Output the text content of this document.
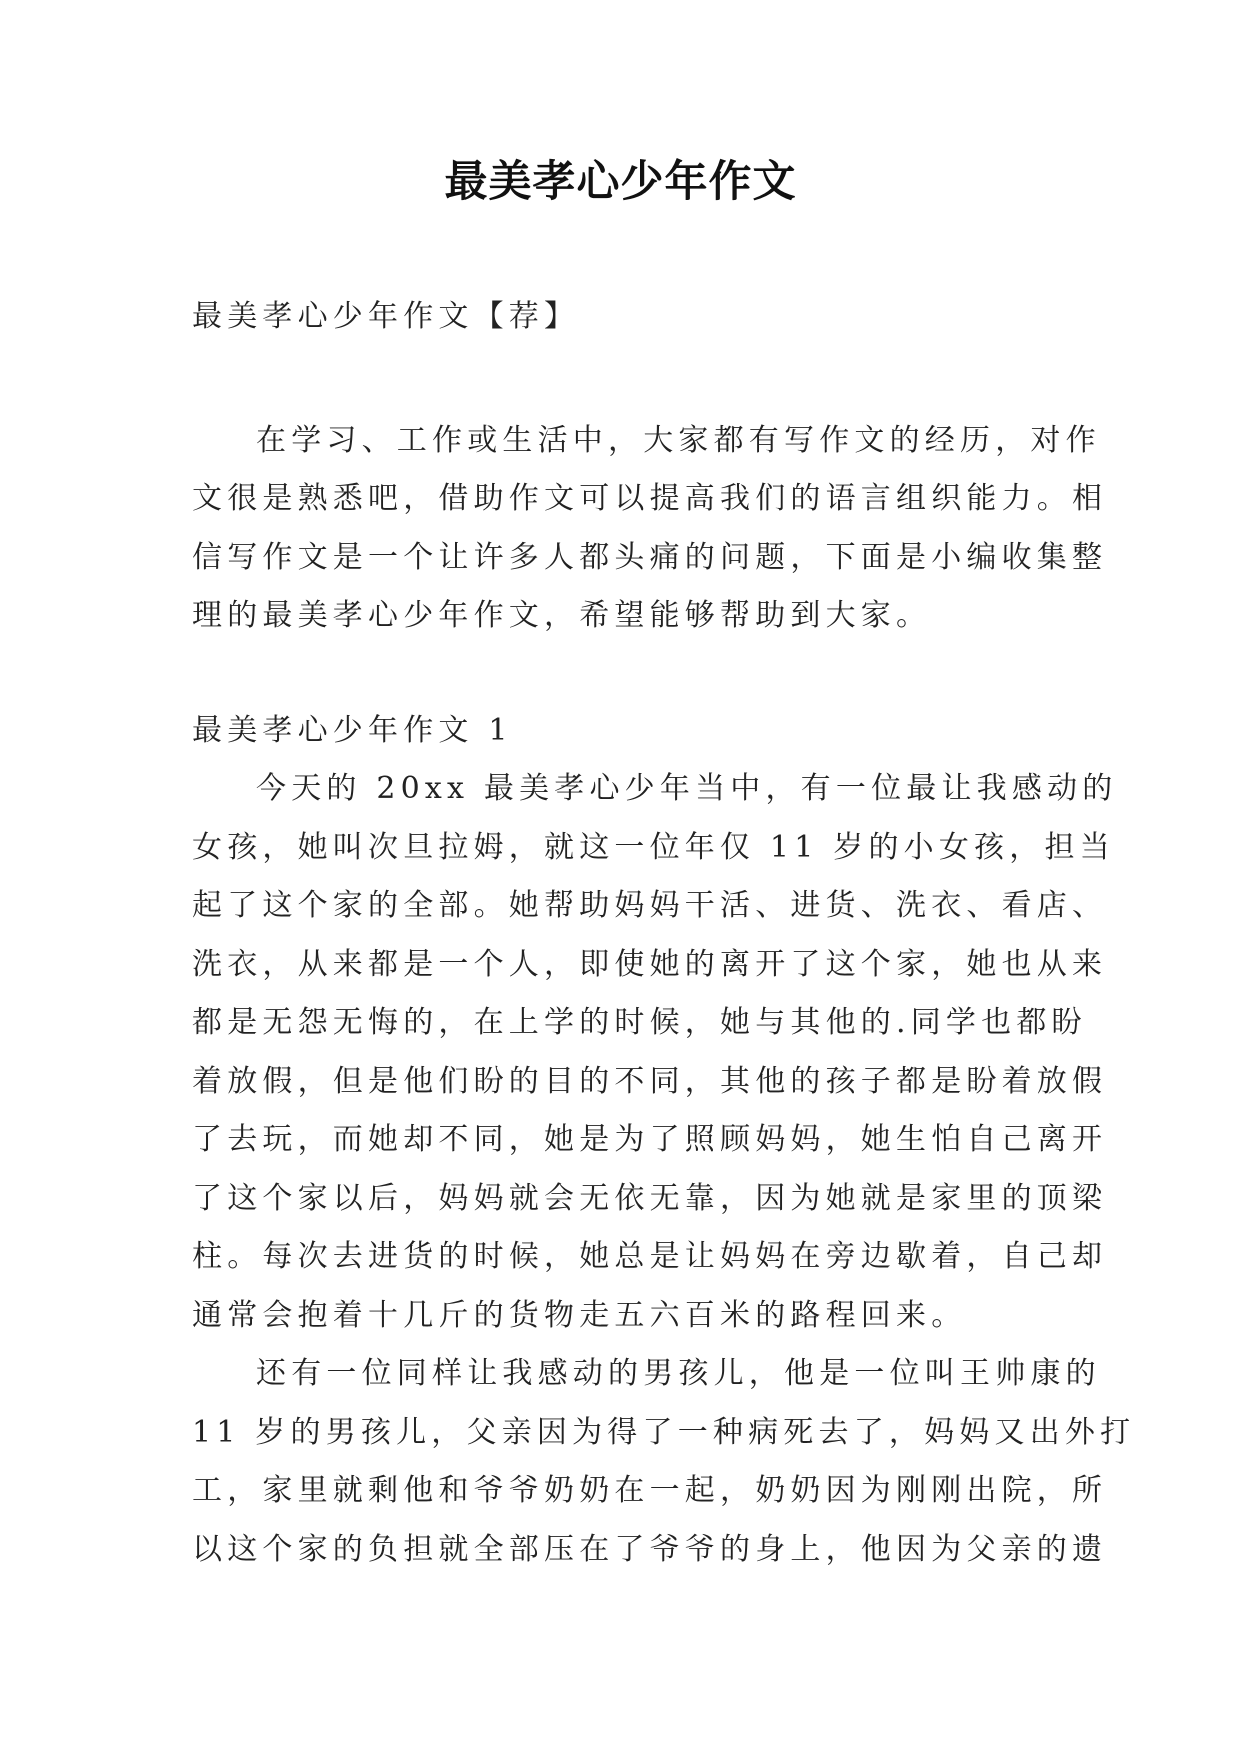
最美孝心少年作文
最美孝心少年作文【荐】
在学习、工作或生活中，大家都有写作文的经历，对作
文很是熟悉吧，借助作文可以提高我们的语言组织能力。相
信写作文是一个让许多人都头痛的问题，下面是小编收集整
理的最美孝心少年作文，希望能够帮助到大家。
最美孝心少年作文 1
今天的 20xx 最美孝心少年当中，有一位最让我感动的
女孩，她叫次旦拉姆，就这一位年仅 11 岁的小女孩，担当
起了这个家的全部。她帮助妈妈干活、进货、洗衣、看店、
洗衣，从来都是一个人，即使她的离开了这个家，她也从来
都是无怨无悔的，在上学的时候，她与其他的.同学也都盼
着放假，但是他们盼的目的不同，其他的孩子都是盼着放假
了去玩，而她却不同，她是为了照顾妈妈，她生怕自己离开
了这个家以后，妈妈就会无依无靠，因为她就是家里的顶梁
柱。每次去进货的时候，她总是让妈妈在旁边歇着，自己却
通常会抱着十几斤的货物走五六百米的路程回来。
还有一位同样让我感动的男孩儿，他是一位叫王帅康的
11 岁的男孩儿，父亲因为得了一种病死去了，妈妈又出外打
工，家里就剩他和爷爷奶奶在一起，奶奶因为刚刚出院，所
以这个家的负担就全部压在了爷爷的身上，他因为父亲的遗
